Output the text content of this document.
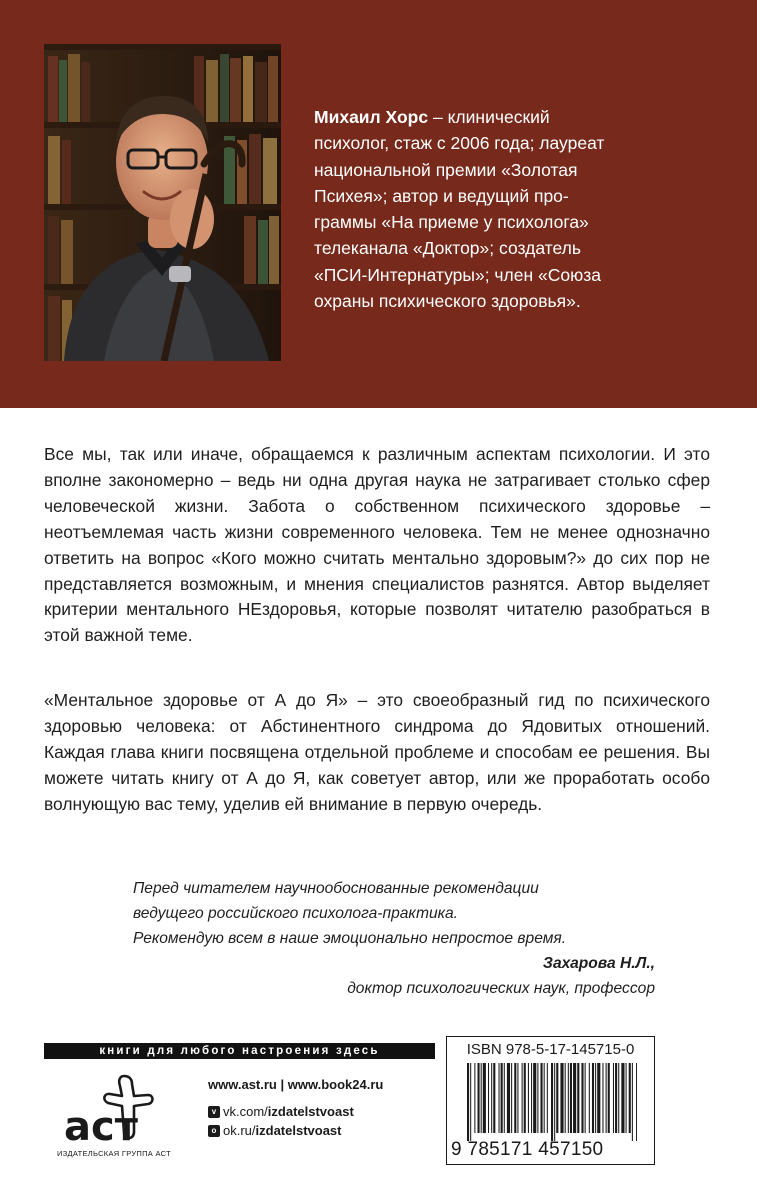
Михаил Хорс – клинический
психолог, стаж с 2006 года; лауреат
национальной премии «Золотая
Психея»; автор и ведущий про-
граммы «На приеме у психолога»
телеканала «Доктор»; создатель
«ПСИ-Интернатуры»; член «Союза
охраны психического здоровья».

Все мы, так или иначе, обращаемся к различным аспектам психологии. И это вполне закономерно – ведь ни одна другая наука не затрагивает столько сфер человеческой жизни. Забота о собственном психического здоровье – неотъемлемая часть жизни современного человека. Тем не менее однозначно ответить на вопрос «Кого можно считать ментально здоровым?» до сих пор не представляется возможным, и мнения специалистов разнятся. Автор выделяет критерии ментального НЕздоровья, которые позволят читателю разобраться в этой важной теме.

«Ментальное здоровье от А до Я» – это своеобразный гид по психического здоровью человека: от Абстинентного синдрома до Ядовитых отношений. Каждая глава книги посвящена отдельной проблеме и способам ее решения. Вы можете читать книгу от А до Я, как советует автор, или же проработать особо волнующую вас тему, уделив ей внимание в первую очередь.

Перед читателем научнообоснованные рекомендации
ведущего российского психолога-практика.
Рекомендую всем в наше эмоционально непростое время.
Захарова Н.Л.,
доктор психологических наук, профессор
книги для любого настроения здесь
аст
ИЗДАТЕЛЬСКАЯ ГРУППА АСТ
www.ast.ru | www.book24.ru
v vk.com/ izdatelstvoast
o ok.ru/ izdatelstvoast
ISBN 978-5-17-145715-0
9 785171 457150
